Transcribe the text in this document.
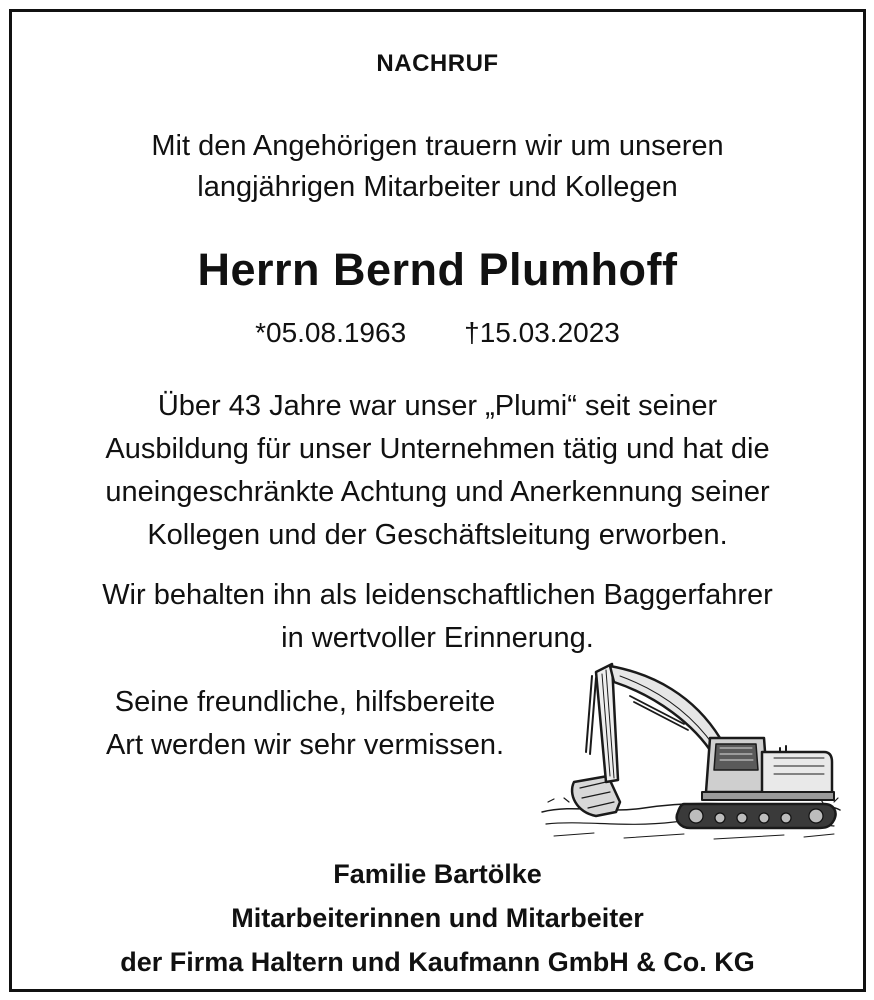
NACHRUF
Mit den Angehörigen trauern wir um unseren
langjährigen Mitarbeiter und Kollegen
Herrn Bernd Plumhoff
*05.08.1963 †15.03.2023
Über 43 Jahre war unser „Plumi“ seit seiner
Ausbildung für unser Unternehmen tätig und hat die
uneingeschränkte Achtung und Anerkennung seiner
Kollegen und der Geschäftsleitung erworben.
Wir behalten ihn als leidenschaftlichen Baggerfahrer
in wertvoller Erinnerung.
Seine freundliche, hilfsbereite
Art werden wir sehr vermissen.
Familie Bartölke
Mitarbeiterinnen und Mitarbeiter
der Firma Haltern und Kaufmann GmbH & Co. KG
